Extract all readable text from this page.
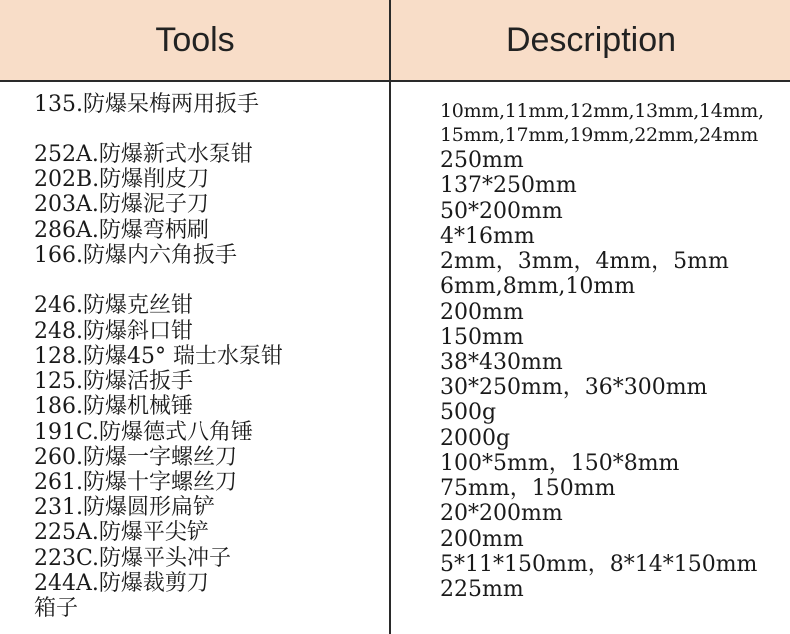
Tools	Description
135.防爆呆梅两用扳手
252A.防爆新式水泵钳
202B.防爆削皮刀
203A.防爆泥子刀
286A.防爆弯柄刷
166.防爆内六角扳手
246.防爆克丝钳
248.防爆斜口钳
128.防爆45° 瑞士水泵钳
125.防爆活扳手
186.防爆机械锤
191C.防爆德式八角锤
260.防爆一字螺丝刀
261.防爆十字螺丝刀
231.防爆圆形扁铲
225A.防爆平尖铲
223C.防爆平头冲子
244A.防爆裁剪刀
箱子
10mm,11mm,12mm,13mm,14mm,
15mm,17mm,19mm,22mm,24mm
250mm
137*250mm
50*200mm
4*16mm
2mm，3mm，4mm，5mm
6mm,8mm,10mm
200mm
150mm
38*430mm
30*250mm，36*300mm
500g
2000g
100*5mm，150*8mm
75mm，150mm
20*200mm
200mm
5*11*150mm，8*14*150mm
225mm
